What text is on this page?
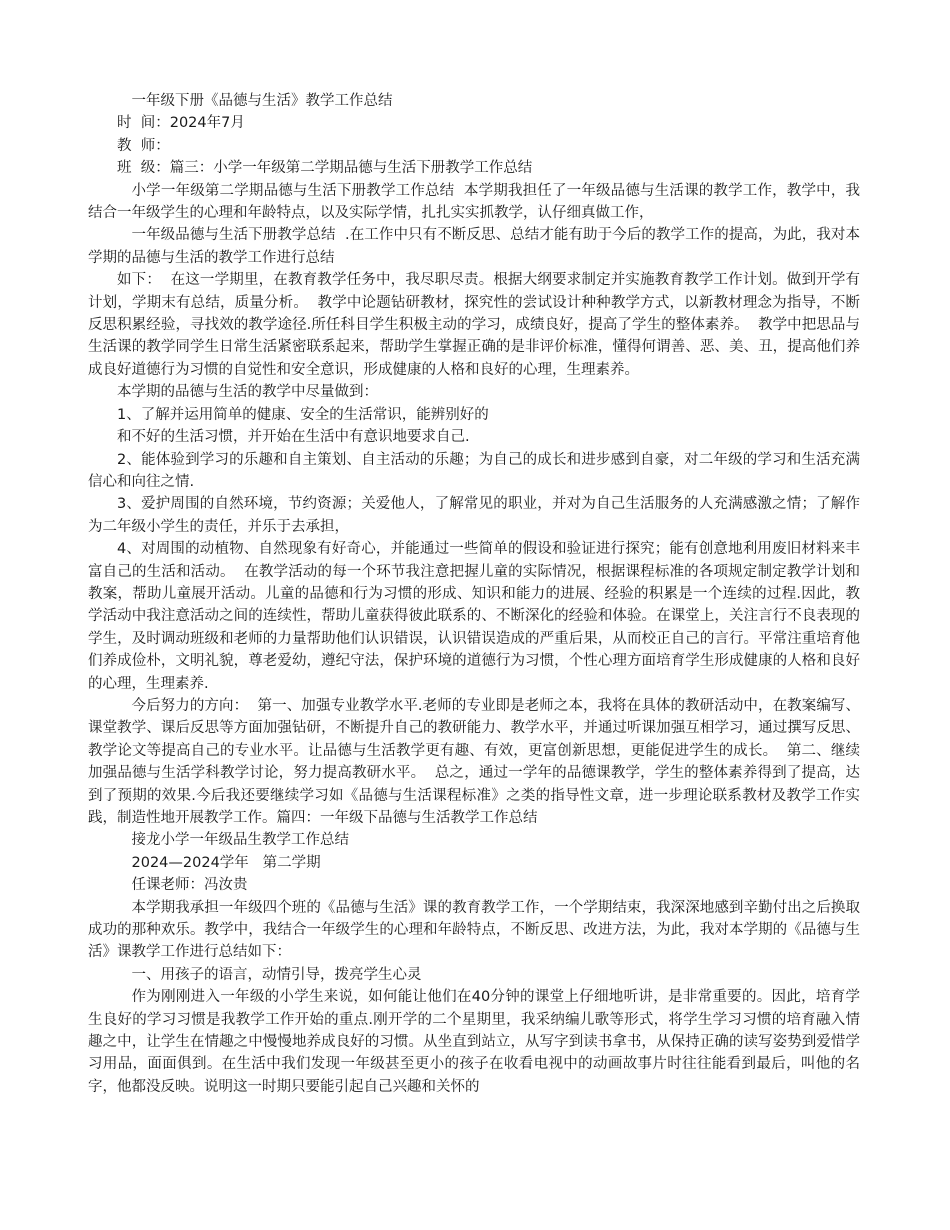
一年级下册《品德与生活》教学工作总结

时  间：2024年7月

教  师：

班  级：篇三：小学一年级第二学期品德与生活下册教学工作总结

小学一年级第二学期品德与生活下册教学工作总结  本学期我担任了一年级品德与生活课的教学工作，教学中，我结合一年级学生的心理和年龄特点，以及实际学情，扎扎实实抓教学，认仔细真做工作，

一年级品德与生活下册教学总结  .在工作中只有不断反思、总结才能有助于今后的教学工作的提高，为此，我对本学期的品德与生活的教学工作进行总结

如下：  在这一学期里，在教育教学任务中，我尽职尽责。根据大纲要求制定并实施教育教学工作计划。做到开学有计划，学期末有总结，质量分析。  教学中论题钻研教材，探究性的尝试设计种种教学方式，以新教材理念为指导，不断反思积累经验，寻找效的教学途径.所任科目学生积极主动的学习，成绩良好，提高了学生的整体素养。  教学中把思品与生活课的教学同学生日常生活紧密联系起来，帮助学生掌握正确的是非评价标准，懂得何谓善、恶、美、丑，提高他们养成良好道德行为习惯的自觉性和安全意识，形成健康的人格和良好的心理，生理素养。

本学期的品德与生活的教学中尽量做到：

1、了解并运用简单的健康、安全的生活常识，能辨别好的

和不好的生活习惯，并开始在生活中有意识地要求自己.

2、能体验到学习的乐趣和自主策划、自主活动的乐趣；为自己的成长和进步感到自豪，对二年级的学习和生活充满信心和向往之情.

3、爱护周围的自然环境，节约资源；关爱他人，了解常见的职业，并对为自己生活服务的人充满感激之情；了解作为二年级小学生的责任，并乐于去承担，

4、对周围的动植物、自然现象有好奇心，并能通过一些简单的假设和验证进行探究；能有创意地利用废旧材料来丰富自己的生活和活动。  在教学活动的每一个环节我注意把握儿童的实际情况，根据课程标准的各项规定制定教学计划和教案，帮助儿童展开活动。儿童的品德和行为习惯的形成、知识和能力的进展、经验的积累是一个连续的过程.因此，教学活动中我注意活动之间的连续性，帮助儿童获得彼此联系的、不断深化的经验和体验。在课堂上，关注言行不良表现的学生，及时调动班级和老师的力量帮助他们认识错误，认识错误造成的严重后果，从而校正自己的言行。平常注重培育他们养成俭朴，文明礼貌，尊老爱幼，遵纪守法，保护环境的道德行为习惯，个性心理方面培育学生形成健康的人格和良好的心理，生理素养.

今后努力的方向：  第一、加强专业教学水平.老师的专业即是老师之本，我将在具体的教研活动中，在教案编写、课堂教学、课后反思等方面加强钻研，不断提升自己的教研能力、教学水平，并通过听课加强互相学习，通过撰写反思、教学论文等提高自己的专业水平。让品德与生活教学更有趣、有效，更富创新思想，更能促进学生的成长。  第二、继续加强品德与生活学科教学讨论，努力提高教研水平。  总之，通过一学年的品德课教学，学生的整体素养得到了提高，达到了预期的效果.今后我还要继续学习如《品德与生活课程标准》之类的指导性文章，进一步理论联系教材及教学工作实践，制造性地开展教学工作。篇四：一年级下品德与生活教学工作总结

接龙小学一年级品生教学工作总结

2024—2024学年   第二学期

任课老师：冯汝贵

本学期我承担一年级四个班的《品德与生活》课的教育教学工作，一个学期结束，我深深地感到辛勤付出之后换取成功的那种欢乐。教学中，我结合一年级学生的心理和年龄特点，不断反思、改进方法，为此，我对本学期的《品德与生活》课教学工作进行总结如下：

一、用孩子的语言，动情引导，拨亮学生心灵

作为刚刚进入一年级的小学生来说，如何能让他们在40分钟的课堂上仔细地听讲，是非常重要的。因此，培育学生良好的学习习惯是我教学工作开始的重点.刚开学的二个星期里，我采纳编儿歌等形式，将学生学习习惯的培育融入情趣之中，让学生在情趣之中慢慢地养成良好的习惯。从坐直到站立，从写字到读书拿书，从保持正确的读写姿势到爱惜学习用品，面面俱到。在生活中我们发现一年级甚至更小的孩子在收看电视中的动画故事片时往往能看到最后，叫他的名字，他都没反映。说明这一时期只要能引起自己兴趣和关怀的
